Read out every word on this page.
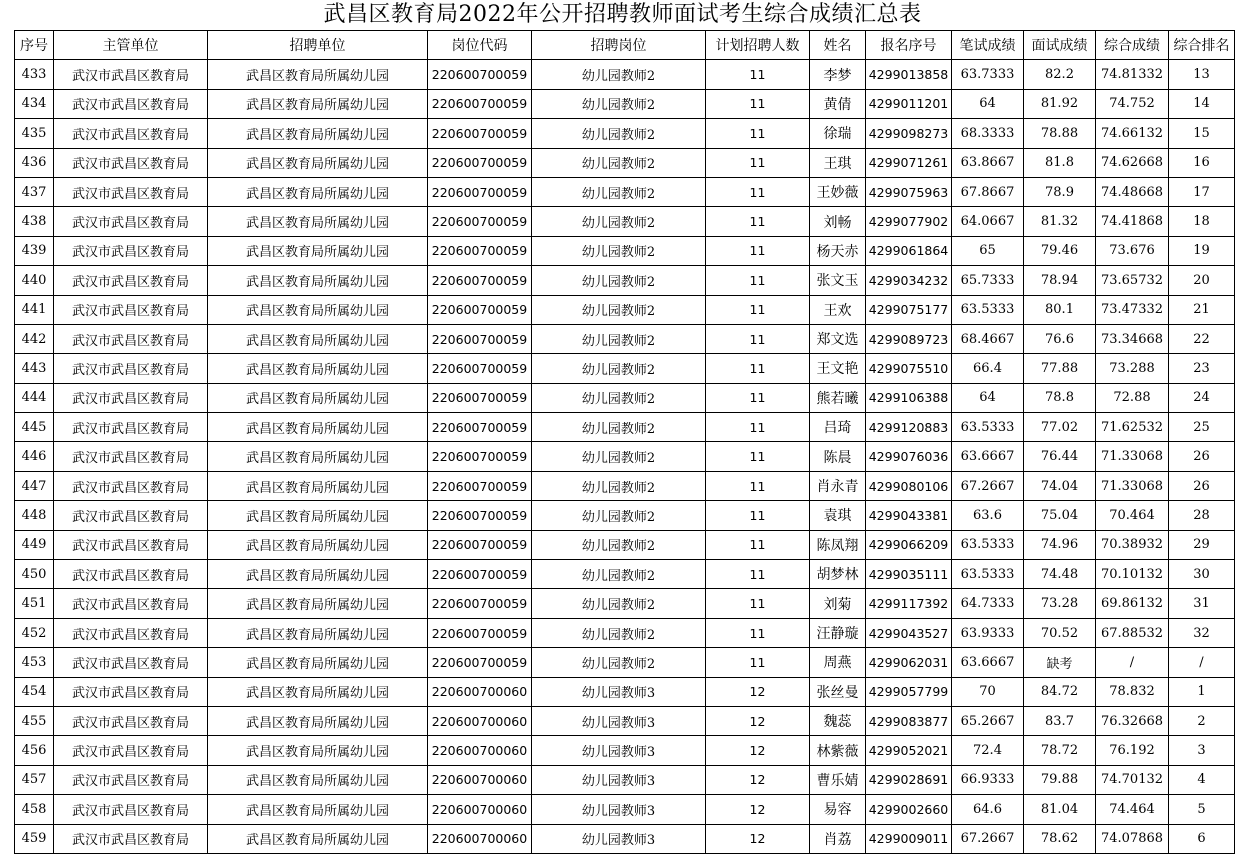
武昌区教育局2022年公开招聘教师面试考生综合成绩汇总表
序号	主管单位	招聘单位	岗位代码	招聘岗位	计划招聘人数	姓名	报名序号	笔试成绩	面试成绩	综合成绩	综合排名
433	武汉市武昌区教育局	武昌区教育局所属幼儿园	220600700059	幼儿园教师2	11	李梦	4299013858	63.7333	82.2	74.81332	13
434	武汉市武昌区教育局	武昌区教育局所属幼儿园	220600700059	幼儿园教师2	11	黄倩	4299011201	64	81.92	74.752	14
435	武汉市武昌区教育局	武昌区教育局所属幼儿园	220600700059	幼儿园教师2	11	徐瑞	4299098273	68.3333	78.88	74.66132	15
436	武汉市武昌区教育局	武昌区教育局所属幼儿园	220600700059	幼儿园教师2	11	王琪	4299071261	63.8667	81.8	74.62668	16
437	武汉市武昌区教育局	武昌区教育局所属幼儿园	220600700059	幼儿园教师2	11	王妙薇	4299075963	67.8667	78.9	74.48668	17
438	武汉市武昌区教育局	武昌区教育局所属幼儿园	220600700059	幼儿园教师2	11	刘畅	4299077902	64.0667	81.32	74.41868	18
439	武汉市武昌区教育局	武昌区教育局所属幼儿园	220600700059	幼儿园教师2	11	杨天赤	4299061864	65	79.46	73.676	19
440	武汉市武昌区教育局	武昌区教育局所属幼儿园	220600700059	幼儿园教师2	11	张文玉	4299034232	65.7333	78.94	73.65732	20
441	武汉市武昌区教育局	武昌区教育局所属幼儿园	220600700059	幼儿园教师2	11	王欢	4299075177	63.5333	80.1	73.47332	21
442	武汉市武昌区教育局	武昌区教育局所属幼儿园	220600700059	幼儿园教师2	11	郑文选	4299089723	68.4667	76.6	73.34668	22
443	武汉市武昌区教育局	武昌区教育局所属幼儿园	220600700059	幼儿园教师2	11	王文艳	4299075510	66.4	77.88	73.288	23
444	武汉市武昌区教育局	武昌区教育局所属幼儿园	220600700059	幼儿园教师2	11	熊若曦	4299106388	64	78.8	72.88	24
445	武汉市武昌区教育局	武昌区教育局所属幼儿园	220600700059	幼儿园教师2	11	吕琦	4299120883	63.5333	77.02	71.62532	25
446	武汉市武昌区教育局	武昌区教育局所属幼儿园	220600700059	幼儿园教师2	11	陈晨	4299076036	63.6667	76.44	71.33068	26
447	武汉市武昌区教育局	武昌区教育局所属幼儿园	220600700059	幼儿园教师2	11	肖永青	4299080106	67.2667	74.04	71.33068	26
448	武汉市武昌区教育局	武昌区教育局所属幼儿园	220600700059	幼儿园教师2	11	袁琪	4299043381	63.6	75.04	70.464	28
449	武汉市武昌区教育局	武昌区教育局所属幼儿园	220600700059	幼儿园教师2	11	陈凤翔	4299066209	63.5333	74.96	70.38932	29
450	武汉市武昌区教育局	武昌区教育局所属幼儿园	220600700059	幼儿园教师2	11	胡梦林	4299035111	63.5333	74.48	70.10132	30
451	武汉市武昌区教育局	武昌区教育局所属幼儿园	220600700059	幼儿园教师2	11	刘菊	4299117392	64.7333	73.28	69.86132	31
452	武汉市武昌区教育局	武昌区教育局所属幼儿园	220600700059	幼儿园教师2	11	汪静璇	4299043527	63.9333	70.52	67.88532	32
453	武汉市武昌区教育局	武昌区教育局所属幼儿园	220600700059	幼儿园教师2	11	周燕	4299062031	63.6667	缺考	/	/
454	武汉市武昌区教育局	武昌区教育局所属幼儿园	220600700060	幼儿园教师3	12	张丝曼	4299057799	70	84.72	78.832	1
455	武汉市武昌区教育局	武昌区教育局所属幼儿园	220600700060	幼儿园教师3	12	魏蕊	4299083877	65.2667	83.7	76.32668	2
456	武汉市武昌区教育局	武昌区教育局所属幼儿园	220600700060	幼儿园教师3	12	林紫薇	4299052021	72.4	78.72	76.192	3
457	武汉市武昌区教育局	武昌区教育局所属幼儿园	220600700060	幼儿园教师3	12	曹乐婧	4299028691	66.9333	79.88	74.70132	4
458	武汉市武昌区教育局	武昌区教育局所属幼儿园	220600700060	幼儿园教师3	12	易容	4299002660	64.6	81.04	74.464	5
459	武汉市武昌区教育局	武昌区教育局所属幼儿园	220600700060	幼儿园教师3	12	肖荔	4299009011	67.2667	78.62	74.07868	6
